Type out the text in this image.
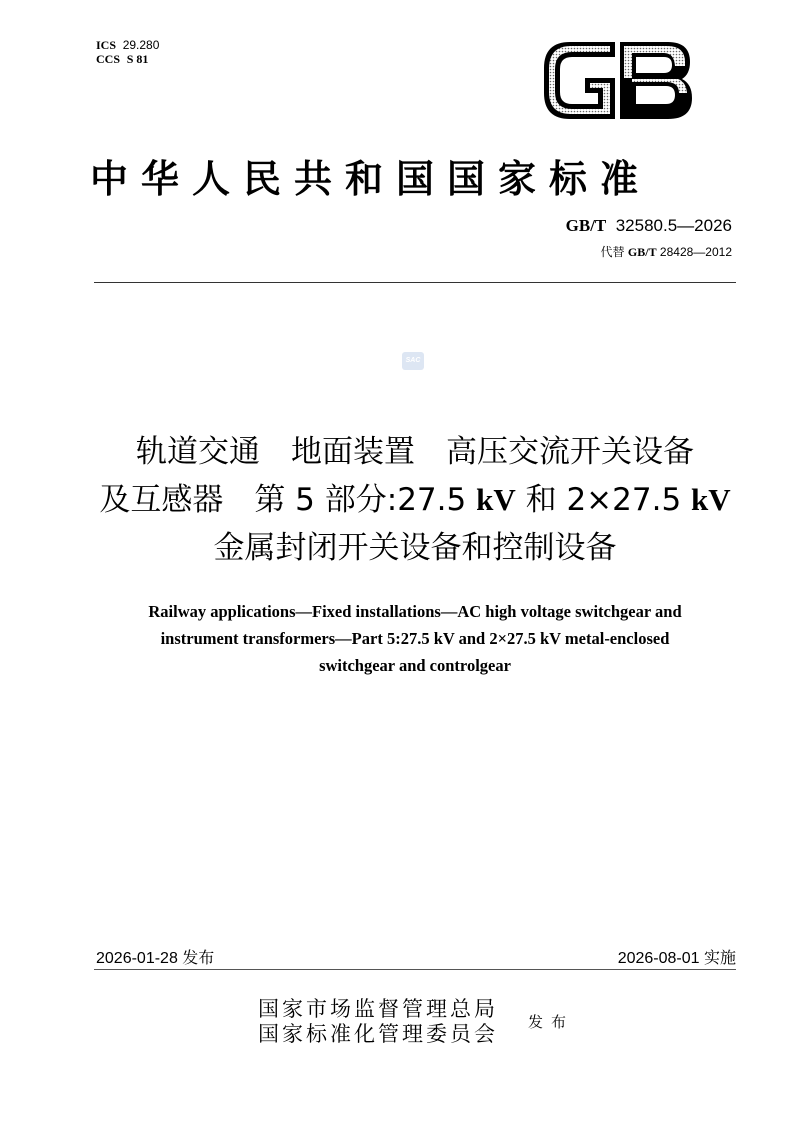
ICS 29.280
CCS S 81
中华人民共和国国家标准
GB/T 32580.5—2026
代替 GB/T 28428—2012
SAC
轨道交通　地面装置　高压交流开关设备
及互感器　第 5 部分:27.5 kV 和 2×27.5 kV
金属封闭开关设备和控制设备
Railway applications—Fixed installations—AC high voltage switchgear and
instrument transformers—Part 5:27.5 kV and 2×27.5 kV metal-enclosed
switchgear and controlgear
2026-01-28 发布	2026-08-01 实施
国家市场监督管理总局
国家标准化管理委员会 发布
